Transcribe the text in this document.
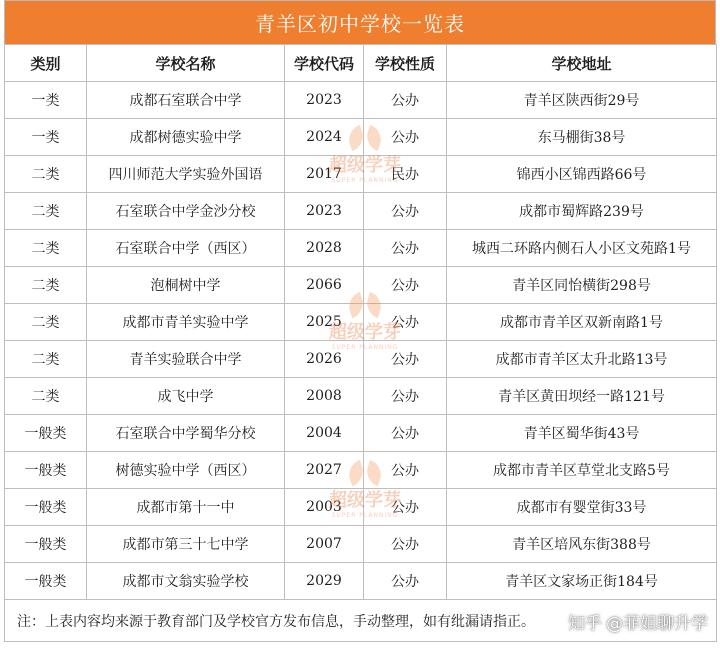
青羊区初中学校一览表
类别	学校名称	学校代码	学校性质	学校地址
一类	成都石室联合中学	2023	公办	青羊区陕西街29号
一类	成都树德实验中学	2024	公办	东马棚街38号
二类	四川师范大学实验外国语	2017	民办	锦西小区锦西路66号
二类	石室联合中学金沙分校	2023	公办	成都市蜀辉路239号
二类	石室联合中学（西区）	2028	公办	城西二环路内侧石人小区文苑路1号
二类	泡桐树中学	2066	公办	青羊区同怡横街298号
二类	成都市青羊实验中学	2025	公办	成都市青羊区双新南路1号
二类	青羊实验联合中学	2026	公办	成都市青羊区太升北路13号
二类	成飞中学	2008	公办	青羊区黄田坝经一路121号
一般类	石室联合中学蜀华分校	2004	公办	青羊区蜀华街43号
一般类	树德实验中学（西区）	2027	公办	成都市青羊区草堂北支路5号
一般类	成都市第十一中	2003	公办	成都市有婴堂街33号
一般类	成都市第三十七中学	2007	公办	青羊区培风东街388号
一般类	成都市文翁实验学校	2029	公办	青羊区文家场正街184号
注：上表内容均来源于教育部门及学校官方发布信息，手动整理，如有纰漏请指正。				
超级学芽
SUPER PLANNING
超级学芽
SUPER PLANNING
超级学芽
SUPER PLANNING
知乎 @菲姐聊升学
